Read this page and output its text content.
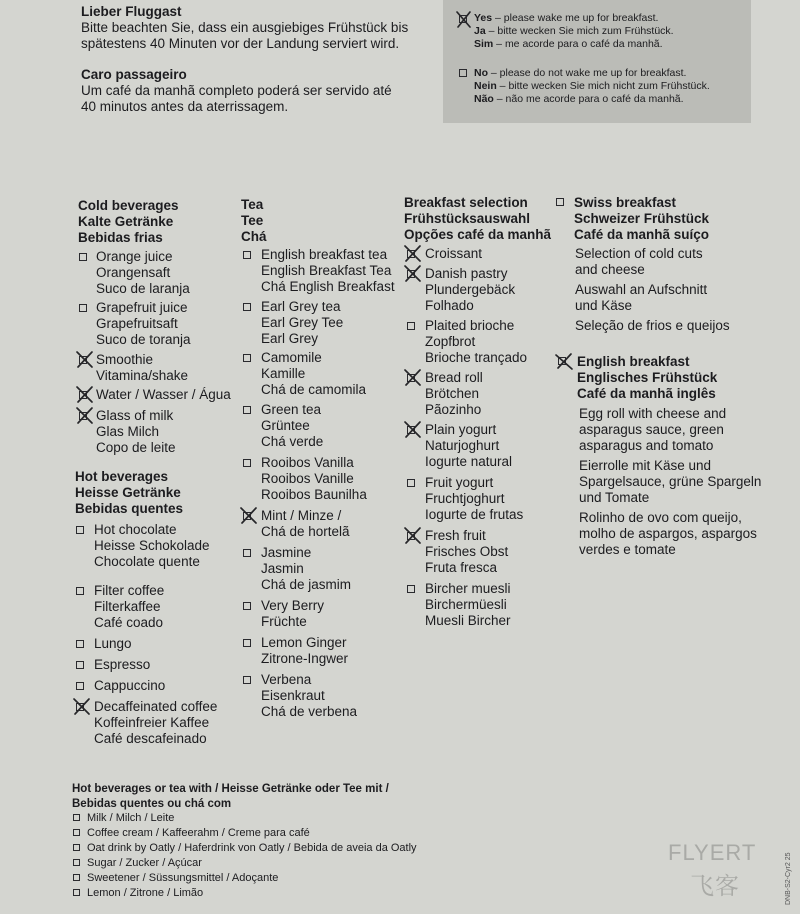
Lieber Fluggast
Bitte beachten Sie, dass ein ausgiebiges Frühstück bis
spätestens 40 Minuten vor der Landung serviert wird.
Caro passageiro
Um café da manhã completo poderá ser servido até
40 minutos antes da aterrissagem.
Yes – please wake me up for breakfast.
Ja – bitte wecken Sie mich zum Frühstück.
Sim – me acorde para o café da manhã.
No – please do not wake me up for breakfast.
Nein – bitte wecken Sie mich nicht zum Frühstück.
Não – não me acorde para o café da manhã.
Cold beverages
Kalte Getränke
Bebidas frias
Orange juice
Orangensaft
Suco de laranja
Grapefruit juice
Grapefruitsaft
Suco de toranja
Smoothie
Vitamina/shake
Water / Wasser / Água
Glass of milk
Glas Milch
Copo de leite
Hot beverages
Heisse Getränke
Bebidas quentes
Hot chocolate
Heisse Schokolade
Chocolate quente
Filter coffee
Filterkaffee
Café coado
Lungo
Espresso
Cappuccino
Decaffeinated coffee
Koffeinfreier Kaffee
Café descafeinado
Tea
Tee
Chá
English breakfast tea
English Breakfast Tea
Chá English Breakfast
Earl Grey tea
Earl Grey Tee
Earl Grey
Camomile
Kamille
Chá de camomila
Green tea
Grüntee
Chá verde
Rooibos Vanilla
Rooibos Vanille
Rooibos Baunilha
Mint / Minze /
Chá de hortelã
Jasmine
Jasmin
Chá de jasmim
Very Berry
Früchte
Lemon Ginger
Zitrone-Ingwer
Verbena
Eisenkraut
Chá de verbena
Breakfast selection
Frühstücksauswahl
Opções café da manhã
Croissant
Danish pastry
Plundergebäck
Folhado
Plaited brioche
Zopfbrot
Brioche trançado
Bread roll
Brötchen
Pãozinho
Plain yogurt
Naturjoghurt
Iogurte natural
Fruit yogurt
Fruchtjoghurt
Iogurte de frutas
Fresh fruit
Frisches Obst
Fruta fresca
Bircher muesli
Birchermüesli
Muesli Bircher
Swiss breakfast
Schweizer Frühstück
Café da manhã suíço
Selection of cold cuts
and cheese
Auswahl an Aufschnitt
und Käse
Seleção de frios e queijos
English breakfast
Englisches Frühstück
Café da manhã inglês
Egg roll with cheese and
asparagus sauce, green
asparagus and tomato
Eierrolle mit Käse und
Spargelsauce, grüne Spargeln
und Tomate
Rolinho de ovo com queijo,
molho de aspargos, aspargos
verdes e tomate
Hot beverages or tea with / Heisse Getränke oder Tee mit /
Bebidas quentes ou chá com
Milk / Milch / Leite
Coffee cream / Kaffeerahm / Creme para café
Oat drink by Oatly / Haferdrink von Oatly / Bebida de aveia da Oatly
Sugar / Zucker / Açúcar
Sweetener / Süssungsmittel / Adoçante
Lemon / Zitrone / Limão
FLYERT
飞客	DNB-S2-Cyr2 25
